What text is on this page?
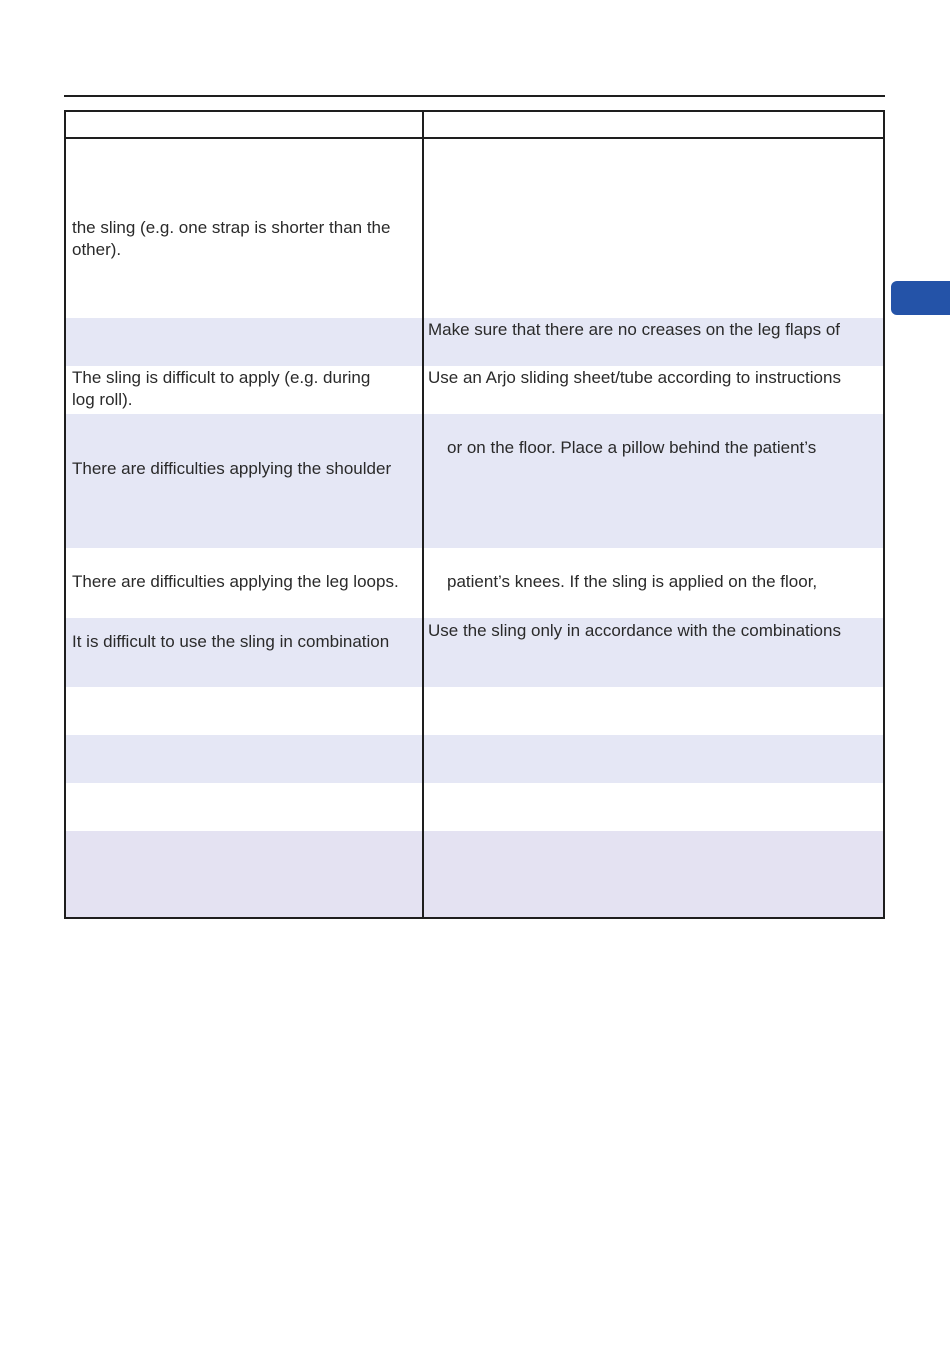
the sling (e.g. one strap is shorter than the
other).
Make sure that there are no creases on the leg flaps of
The sling is difficult to apply (e.g. during
log roll).
Use an Arjo sliding sheet/tube according to instructions
There are difficulties applying the shoulder
or on the floor. Place a pillow behind the patient’s
There are difficulties applying the leg loops.	patient’s knees. If the sling is applied on the floor,
It is difficult to use the sling in combination
Use the sling only in accordance with the combinations
